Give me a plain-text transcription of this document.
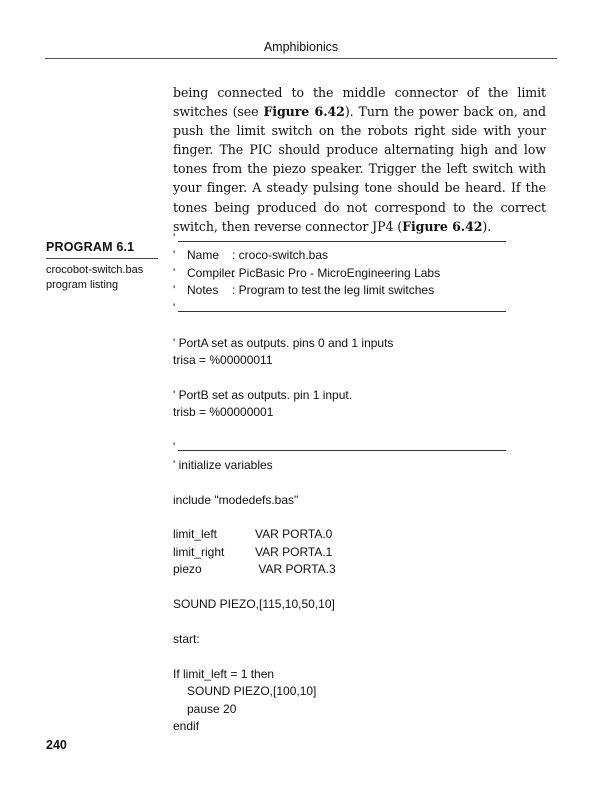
Amphibionics
being connected to the middle connector of the limit switches (see Figure 6.42). Turn the power back on, and push the limit switch on the robots right side with your finger. The PIC should produce alternating high and low tones from the piezo speaker. Trigger the left switch with your finger. A steady pulsing tone should be heard. If the tones being produced do not correspond to the correct switch, then reverse connector JP4 (Figure 6.42).
PROGRAM 6.1
crocobot-switch.bas
program listing
'
' Name : croco-switch.bas
' Compiler: PicBasic Pro - MicroEngineering Labs
' Notes : Program to test the leg limit switches
'
' PortA set as outputs. pins 0 and 1 inputs
trisa = %00000011
' PortB set as outputs. pin 1 input.
trisb = %00000001
'
' initialize variables
include "modedefs.bas"
limit_left	VAR PORTA.0
limit_right	VAR PORTA.1
piezo	VAR PORTA.3
SOUND PIEZO,[115,10,50,10]
start:
If limit_left = 1 then
SOUND PIEZO,[100,10]
pause 20
endif
240
